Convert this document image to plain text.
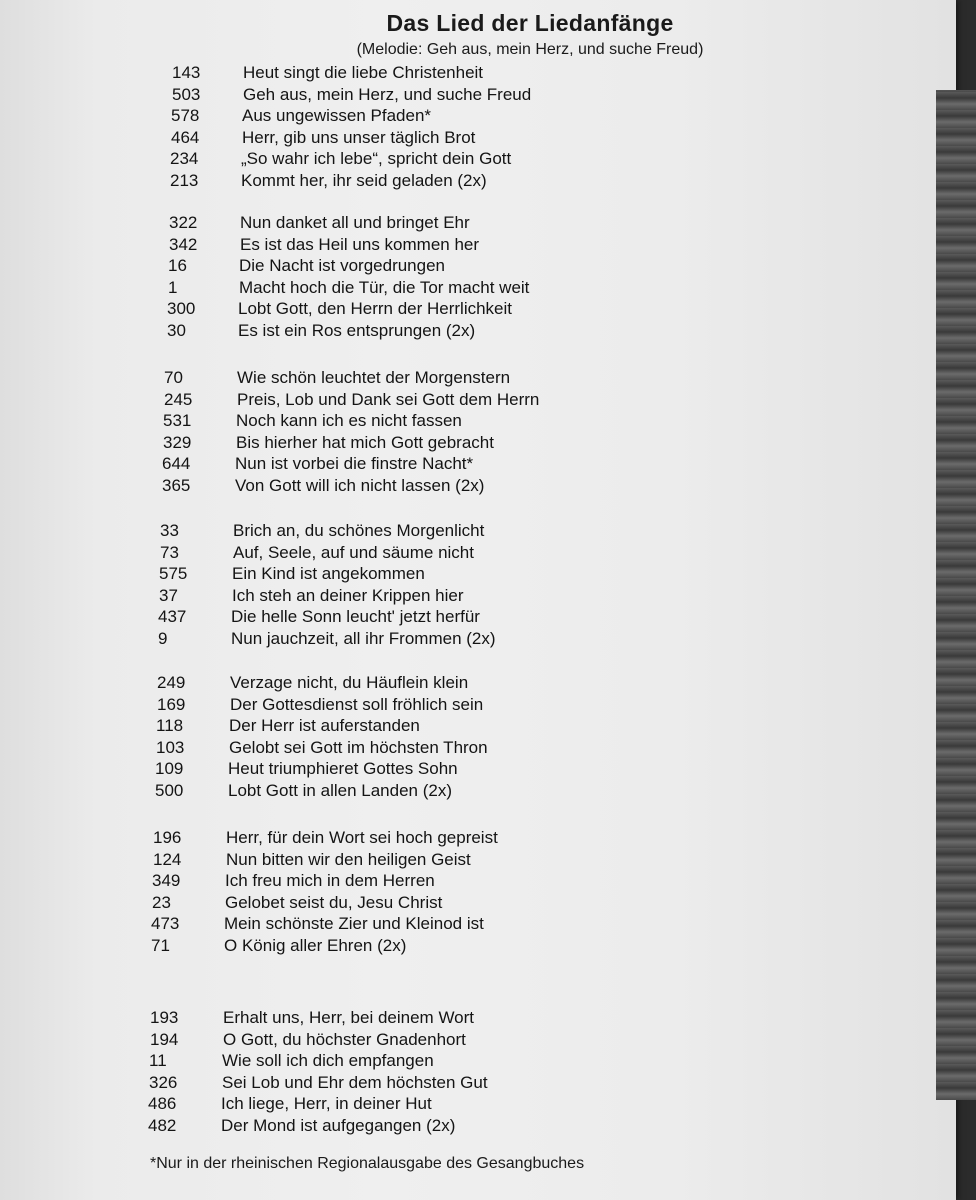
Das Lied der Liedanfänge
(Melodie: Geh aus, mein Herz, und suche Freud)
143	Heut singt die liebe Christenheit
503	Geh aus, mein Herz, und suche Freud
578	Aus ungewissen Pfaden*
464	Herr, gib uns unser täglich Brot
234	„So wahr ich lebe“, spricht dein Gott
213	Kommt her, ihr seid geladen (2x)
322	Nun danket all und bringet Ehr
342	Es ist das Heil uns kommen her
16	Die Nacht ist vorgedrungen
1	Macht hoch die Tür, die Tor macht weit
300	Lobt Gott, den Herrn der Herrlichkeit
30	Es ist ein Ros entsprungen (2x)
70	Wie schön leuchtet der Morgenstern
245	Preis, Lob und Dank sei Gott dem Herrn
531	Noch kann ich es nicht fassen
329	Bis hierher hat mich Gott gebracht
644	Nun ist vorbei die finstre Nacht*
365	Von Gott will ich nicht lassen (2x)
33	Brich an, du schönes Morgenlicht
73	Auf, Seele, auf und säume nicht
575	Ein Kind ist angekommen
37	Ich steh an deiner Krippen hier
437	Die helle Sonn leucht' jetzt herfür
9	Nun jauchzeit, all ihr Frommen (2x)
249	Verzage nicht, du Häuflein klein
169	Der Gottesdienst soll fröhlich sein
118	Der Herr ist auferstanden
103	Gelobt sei Gott im höchsten Thron
109	Heut triumphieret Gottes Sohn
500	Lobt Gott in allen Landen (2x)
196	Herr, für dein Wort sei hoch gepreist
124	Nun bitten wir den heiligen Geist
349	Ich freu mich in dem Herren
23	Gelobet seist du, Jesu Christ
473	Mein schönste Zier und Kleinod ist
71	O König aller Ehren (2x)
193	Erhalt uns, Herr, bei deinem Wort
194	O Gott, du höchster Gnadenhort
11	Wie soll ich dich empfangen
326	Sei Lob und Ehr dem höchsten Gut
486	Ich liege, Herr, in deiner Hut
482	Der Mond ist aufgegangen (2x)
*Nur in der rheinischen Regionalausgabe des Gesangbuches
